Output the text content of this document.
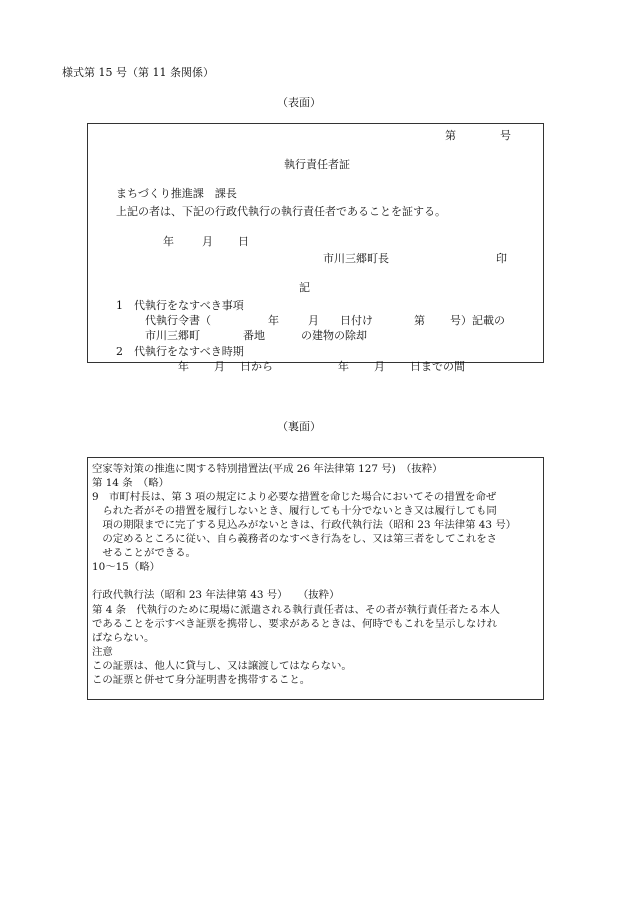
様式第 15 号（第 11 条関係）
（表面）
第	号
執行責任者証
まちづくり推進課　課長
上記の者は、下記の行政代執行の執行責任者であることを証する。
年	月 日
市川三郷町長	印
記
1　代執行をなすべき事項
代執行令書（	年	月 日付け	第 号）記載の
市川三郷町	番地	の建物の除却
2　代執行をなすべき時期
年 月 日から	年 月 日までの間
（裏面）
空家等対策の推進に関する特別措置法(平成 26 年法律第 127 号)　（抜粋）
第 14 条　（略）
9　市町村長は、第 3 項の規定により必要な措置を命じた場合においてその措置を命ぜ
　られた者がその措置を履行しないとき、履行しても十分でないとき又は履行しても同
　項の期限までに完了する見込みがないときは、行政代執行法（昭和 23 年法律第 43 号）
　の定めるところに従い、自ら義務者のなすべき行為をし、又は第三者をしてこれをさ
　せることができる。
10〜15（略）
行政代執行法（昭和 23 年法律第 43 号）　　（抜粋）
第 4 条　代執行のために現場に派遣される執行責任者は、その者が執行責任者たる本人
であることを示すべき証票を携帯し、要求があるときは、何時でもこれを呈示しなけれ
ばならない。
注意
この証票は、他人に貸与し、又は譲渡してはならない。
この証票と併せて身分証明書を携帯すること。
